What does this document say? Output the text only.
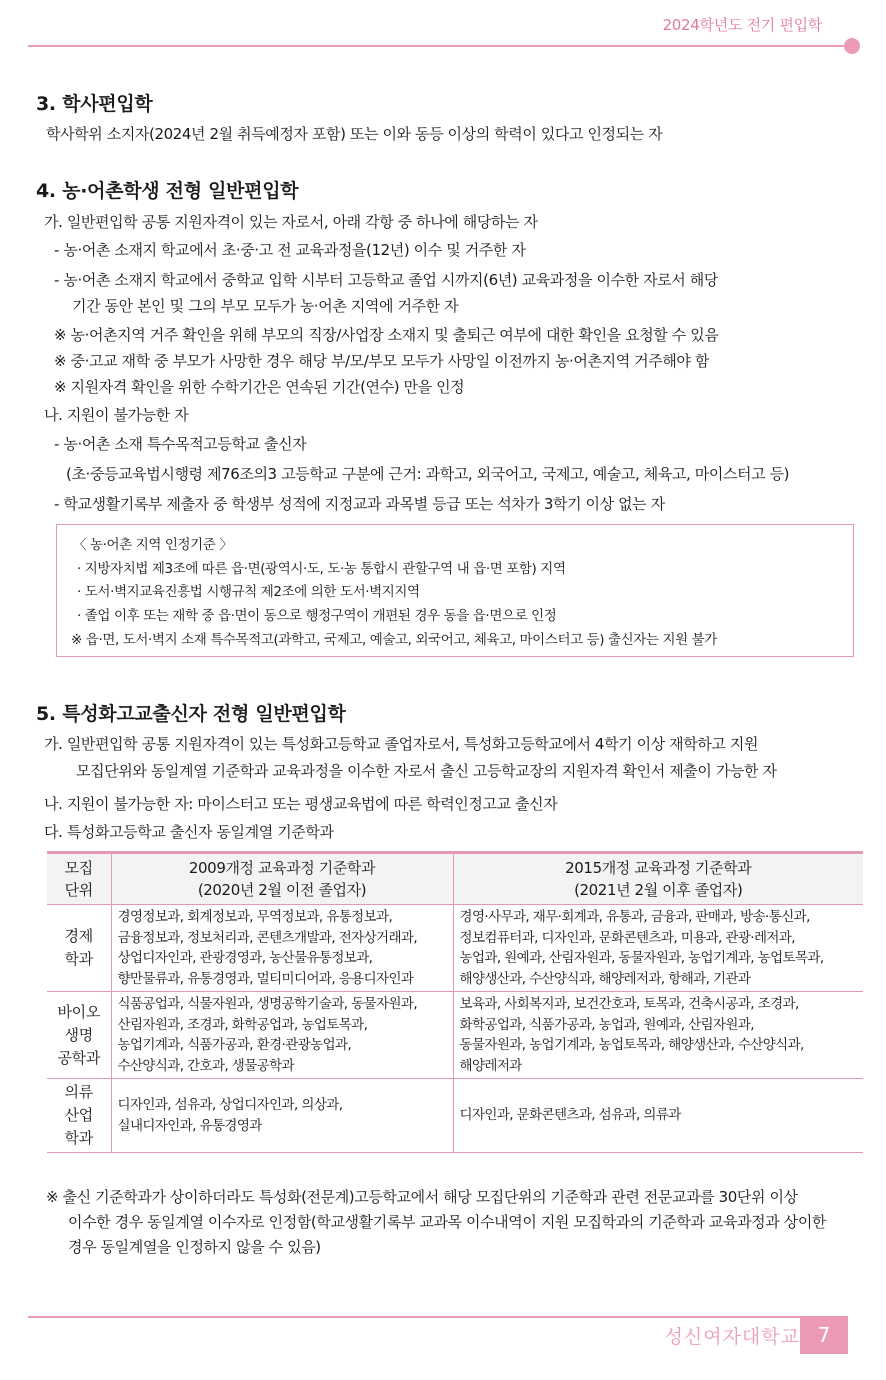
2024학년도 전기 편입학
3. 학사편입학
학사학위 소지자(2024년 2월 취득예정자 포함) 또는 이와 동등 이상의 학력이 있다고 인정되는 자
4. 농·어촌학생 전형 일반편입학
가. 일반편입학 공통 지원자격이 있는 자로서, 아래 각항 중 하나에 해당하는 자
- 농·어촌 소재지 학교에서 초·중·고 전 교육과정을(12년) 이수 및 거주한 자
- 농·어촌 소재지 학교에서 중학교 입학 시부터 고등학교 졸업 시까지(6년) 교육과정을 이수한 자로서 해당
기간 동안 본인 및 그의 부모 모두가 농·어촌 지역에 거주한 자
※ 농·어촌지역 거주 확인을 위해 부모의 직장/사업장 소재지 및 출퇴근 여부에 대한 확인을 요청할 수 있음
※ 중·고교 재학 중 부모가 사망한 경우 해당 부/모/부모 모두가 사망일 이전까지 농·어촌지역 거주해야 함
※ 지원자격 확인을 위한 수학기간은 연속된 기간(연수) 만을 인정
나. 지원이 불가능한 자
- 농·어촌 소재 특수목적고등학교 출신자
(초·중등교육법시행령 제76조의3 고등학교 구분에 근거: 과학고, 외국어고, 국제고, 예술고, 체육고, 마이스터고 등)
- 학교생활기록부 제출자 중 학생부 성적에 지정교과 과목별 등급 또는 석차가 3학기 이상 없는 자
〈 농·어촌 지역 인정기준 〉
· 지방자치법 제3조에 따른 읍·면(광역시·도, 도·농 통합시 관할구역 내 읍·면 포함) 지역
· 도서·벽지교육진흥법 시행규칙 제2조에 의한 도서·벽지지역
· 졸업 이후 또는 재학 중 읍·면이 동으로 행정구역이 개편된 경우 동을 읍·면으로 인정
※ 읍·면, 도서·벽지 소재 특수목적고(과학고, 국제고, 예술고, 외국어고, 체육고, 마이스터고 등) 출신자는 지원 불가
5. 특성화고교출신자 전형 일반편입학
가. 일반편입학 공통 지원자격이 있는 특성화고등학교 졸업자로서, 특성화고등학교에서 4학기 이상 재학하고 지원
모집단위와 동일계열 기준학과 교육과정을 이수한 자로서 출신 고등학교장의 지원자격 확인서 제출이 가능한 자
나. 지원이 불가능한 자: 마이스터고 또는 평생교육법에 따른 학력인정고교 출신자
다. 특성화고등학교 출신자 동일계열 기준학과
모집
단위	2009개정 교육과정 기준학과
(2020년 2월 이전 졸업자)	2015개정 교육과정 기준학과
(2021년 2월 이후 졸업자)
경제
학과	경영정보과, 회계정보과, 무역정보과, 유통정보과,
금융정보과, 정보처리과, 콘텐츠개발과, 전자상거래과,
상업디자인과, 관광경영과, 농산물유통정보과,
향만물류과, 유통경영과, 멀티미디어과, 응용디자인과	경영·사무과, 재무·회계과, 유통과, 금융과, 판매과, 방송·통신과,
정보컴퓨터과, 디자인과, 문화콘텐츠과, 미용과, 관광·레저과,
농업과, 원예과, 산림자원과, 동물자원과, 농업기계과, 농업토목과,
해양생산과, 수산양식과, 해양레저과, 항해과, 기관과
바이오
생명
공학과	식품공업과, 식물자원과, 생명공학기술과, 동물자원과,
산림자원과, 조경과, 화학공업과, 농업토목과,
농업기계과, 식품가공과, 환경·관광농업과,
수산양식과, 간호과, 생물공학과	보육과, 사회복지과, 보건간호과, 토목과, 건축시공과, 조경과,
화학공업과, 식품가공과, 농업과, 원예과, 산림자원과,
동물자원과, 농업기계과, 농업토목과, 해양생산과, 수산양식과,
해양레저과
의류
산업
학과	디자인과, 섬유과, 상업디자인과, 의상과,
실내디자인과, 유통경영과	디자인과, 문화콘텐츠과, 섬유과, 의류과
※ 출신 기준학과가 상이하더라도 특성화(전문계)고등학교에서 해당 모집단위의 기준학과 관련 전문교과를 30단위 이상
이수한 경우 동일계열 이수자로 인정함(학교생활기록부 교과목 이수내역이 지원 모집학과의 기준학과 교육과정과 상이한
경우 동일계열을 인정하지 않을 수 있음)
성신여자대학교 7
